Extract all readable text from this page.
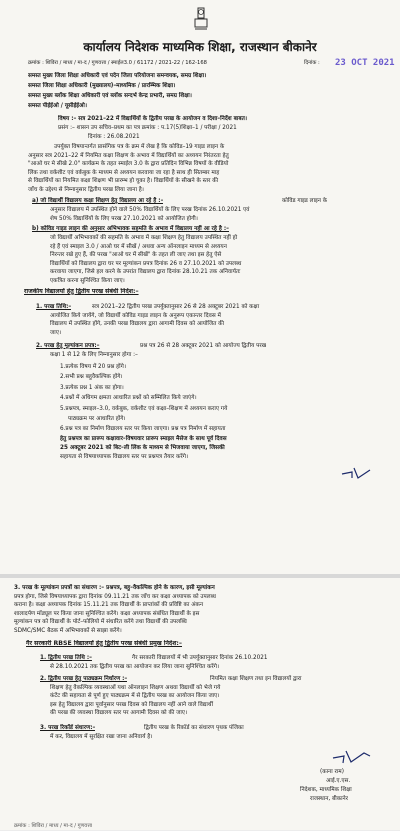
कार्यालय निदेशक माध्यमिक शिक्षा, राजस्थान बीकानेर
क्रमांक : शिविरा / माध्य / मा-द / गुणवत्ता / स्माईल3.0 / 61172 / 2021-22 / 162-168	दिनांक : 23 OCT 2021
समस्त मुख्य जिला शिक्षा अधिकारी एवं पदेन जिला परियोजना समन्वयक, समग्र शिक्षा।
समस्त जिला शिक्षा अधिकारी (मुख्यालय)–माध्यमिक / प्रारम्भिक शिक्षा।
समस्त मुख्य ब्लॉक शिक्षा अधिकारी एवं ब्लॉक सन्दर्भ केन्द्र प्रभारी, समग्र शिक्षा।
समस्त पीईईओ / यूसीईईओ।
विषय :– सत्र 2021–22 में विद्यार्थियों के द्वितीय परख के आयोजन व दिशा–निर्देश बाबत।
प्रसंग :– शासन उप सचिव–प्रथम का पत्र क्रमांक : प.17(5)शिक्षा–1 / परीक्षा / 2021
दिनांक : 26.08.2021
उपर्युक्त विषयान्तर्गत प्रासंगिक पत्र के क्रम में लेख है कि कोविड–19 गाइड लाइन के
अनुसार सत्र 2021–22 में नियमित कक्षा शिक्षण के अभाव में विद्यार्थियों का अध्ययन निरंतरता हेतु
"आओ घर मे सीखे 2.0" कार्यक्रम के तहत स्माईल 3.0 के द्वारा प्रतिदिन विभिन्न विषयों के वीडियो
लिंक तथा वर्कशीट एवं वर्कबुक के माध्यम से अध्ययन करवाया जा रहा है साथ ही सितम्बर माह
से विद्यार्थियों का नियमित कक्षा शिक्षण भी प्रारम्भ हो चुका है। विद्यार्थियों के सीखने के स्तर की
जाँच के उद्देश्य से निम्नानुसार द्वितीय परख लिया जाना है।
a) जो विद्यार्थी विद्यालय कक्षा शिक्षण हेतु विद्यालय आ रहे है :–	कोविड गाइड लाइन के
अनुसार विद्यालय में उपस्थित होने वाले 50% विद्यार्थियों के लिए परख दिनांक 26.10.2021 एवं
शेष 50% विद्यार्थियों के लिए परख 27.10.2021 को आयोजित होगी।
b) कोविड गाइड लाइन की अनुसार अभिभावक सहमति के अभाव में विद्यालय नहीं आ रहे है :–
जो विद्यार्थी अभिभावकों की सहमति के अभाव में कक्षा शिक्षण हेतु विद्यालय उपस्थित नहीं हो
रहे हैं एवं स्माइल 3.0 / आओ घर में सीखें / अथवा अन्य ऑनलाइन माध्यम से अध्ययन
निरन्तर रखे हुए हैं, की परख "आओ घर में सीखें" के तहत ली जाए तथा इस हेतु ऐसे
विद्यार्थियों को विद्यालय द्वारा घर पर मूल्यांकन प्रपत्र दिनांक 26 व 27.10.2021 को उपलब्ध
करवाया जाएगा, जिसे हल करने के उपरांत विद्यालय द्वारा दिनांक 28.10.21 तक अनिवार्यतः
एकत्रित करना सुनिश्चित किया जाए।
राजकीय विद्यालयों हेतु द्वितीय परख संबंधी निर्देश:–
1. परख तिथि:–	सत्र 2021–22 द्वितीय परख उपर्युक्तानुसार 26 से 28 अक्टूबर 2021 को कक्षा
आयोजित किये जायेंगे, जो विद्यार्थी कोविड गाइड लाइन के अनुरूप एकान्तर दिवस में
विद्यालय में उपस्थित होंगे, उनकी परख विद्यालय द्वारा आगामी दिवस को आयोजित की
जाए।
2. परख हेतु मूल्यांकन प्रपत्र:–	प्रश्न पत्र 26 से 28 अक्टूबर 2021 को आयोज्य द्वितीय परख
कक्षा 1 से 12 के लिए निम्नानुसार होगा :–
1.प्रत्येक विषय में 20 प्रश्न होंगे।
2.सभी प्रश्न बहुवैकल्पिक होंगे।
3.प्रत्येक प्रश्न 1 अंक का होगा।
4.प्रश्नों में अधिगम क्षमता आधारित प्रश्नों को सम्मिलित किये जाएंगे।
5.प्रश्नपत्र, स्माइल–3.0, वर्कबुक, वर्कशीट एवं कक्षा–शिक्षण में अध्ययन कराए गये
पाठ्यक्रम पर आधारित होंगे।
6.प्रश्न पत्र का निर्माण विद्यालय स्तर पर किया जाएगा। प्रश्न पत्र निर्माण में सहायता
हेतु प्रश्नपत्र का प्रारूप कक्षावार–विषयवार प्रारूप स्माइल मैसेज के साथ पूर्व दिवस
25 अक्टूबर 2021 को बिट–ली लिंक के माध्यम से भिजवाया जाएगा, जिसकी
सहायता से विषयाध्यापक विद्यालय स्तर पर प्रश्नपत्र तैयार करेंगे।
3. परख के मूल्यांकन प्रपत्रों का संधारण :– प्रश्नपत्र, बहु–वैकल्पिक होने के कारण, इसी मूल्यांकन
प्रपत्र होगा, जिसे विषयाध्यापक द्वारा दिनांक 09.11.21 तक जाँच कर कक्षा अध्यापक को उपलब्ध
कराना है। कक्षा अध्यापक दिनांक 15.11.21 तक विद्यार्थी के प्राप्तांकों की प्रविष्टि का अंकन
शालादर्पण मॉड्यूल पर किया जाना सुनिश्चित करेंगे। कक्षा अध्यापक संबंधित विद्यार्थी के इस
मूल्यांकन पत्र को विद्यार्थी के पोर्ट–फोलियो में संधारित करेंगे तथा विद्यार्थी की उपलब्धि
SDMC/SMC बैठक में अभिभावकों से साझा करेंगे।
गैर सरकारी RBSE विद्यालयों हेतु द्वितीय परख संबंधी प्रमुख निर्देश:–
1. द्वितीय परख तिथि :–	गैर सरकारी विद्यालयों में भी उपर्युक्तानुसार दिनांक 26.10.2021
से 28.10.2021 तक द्वितीय परख का आयोजन कर लिया जाना सुनिश्चित करेंगे।
2. द्वितीय परख हेतु पाठ्यक्रम निर्धारण :–	नियमित कक्षा शिक्षण तथा इन विद्यालयों द्वारा
शिक्षण हेतु वैकल्पिक व्यवस्थाओं यथा ऑनलाइन शिक्षण अथवा विद्यार्थी को भेजे गये
कंटेंट की सहायता से पूर्ण हुए पाठ्यक्रम में से द्वितीय परख का आयोजन किया जाए।
इस हेतु विद्यालय द्वारा पूर्वानुसार परख दिवस को विद्यालय नहीं आने वाले विद्यार्थी
की परख की व्यवस्था विद्यालय स्तर पर आगामी दिवस को की जाए।
3. परख रिकॉर्ड संधारण:–	द्वितीय परख के रिकॉर्ड का संधारण पृथक पंजिका
में कर, विद्यालय में सुरक्षित रखा जाना अनिवार्य है।
(काना राम)
आई.ए.एस.
निदेशक, माध्यमिक शिक्षा
राजस्थान, बीकानेर
क्रमांक : शिविरा / माध्य / मा-द / गुणवत्ता
